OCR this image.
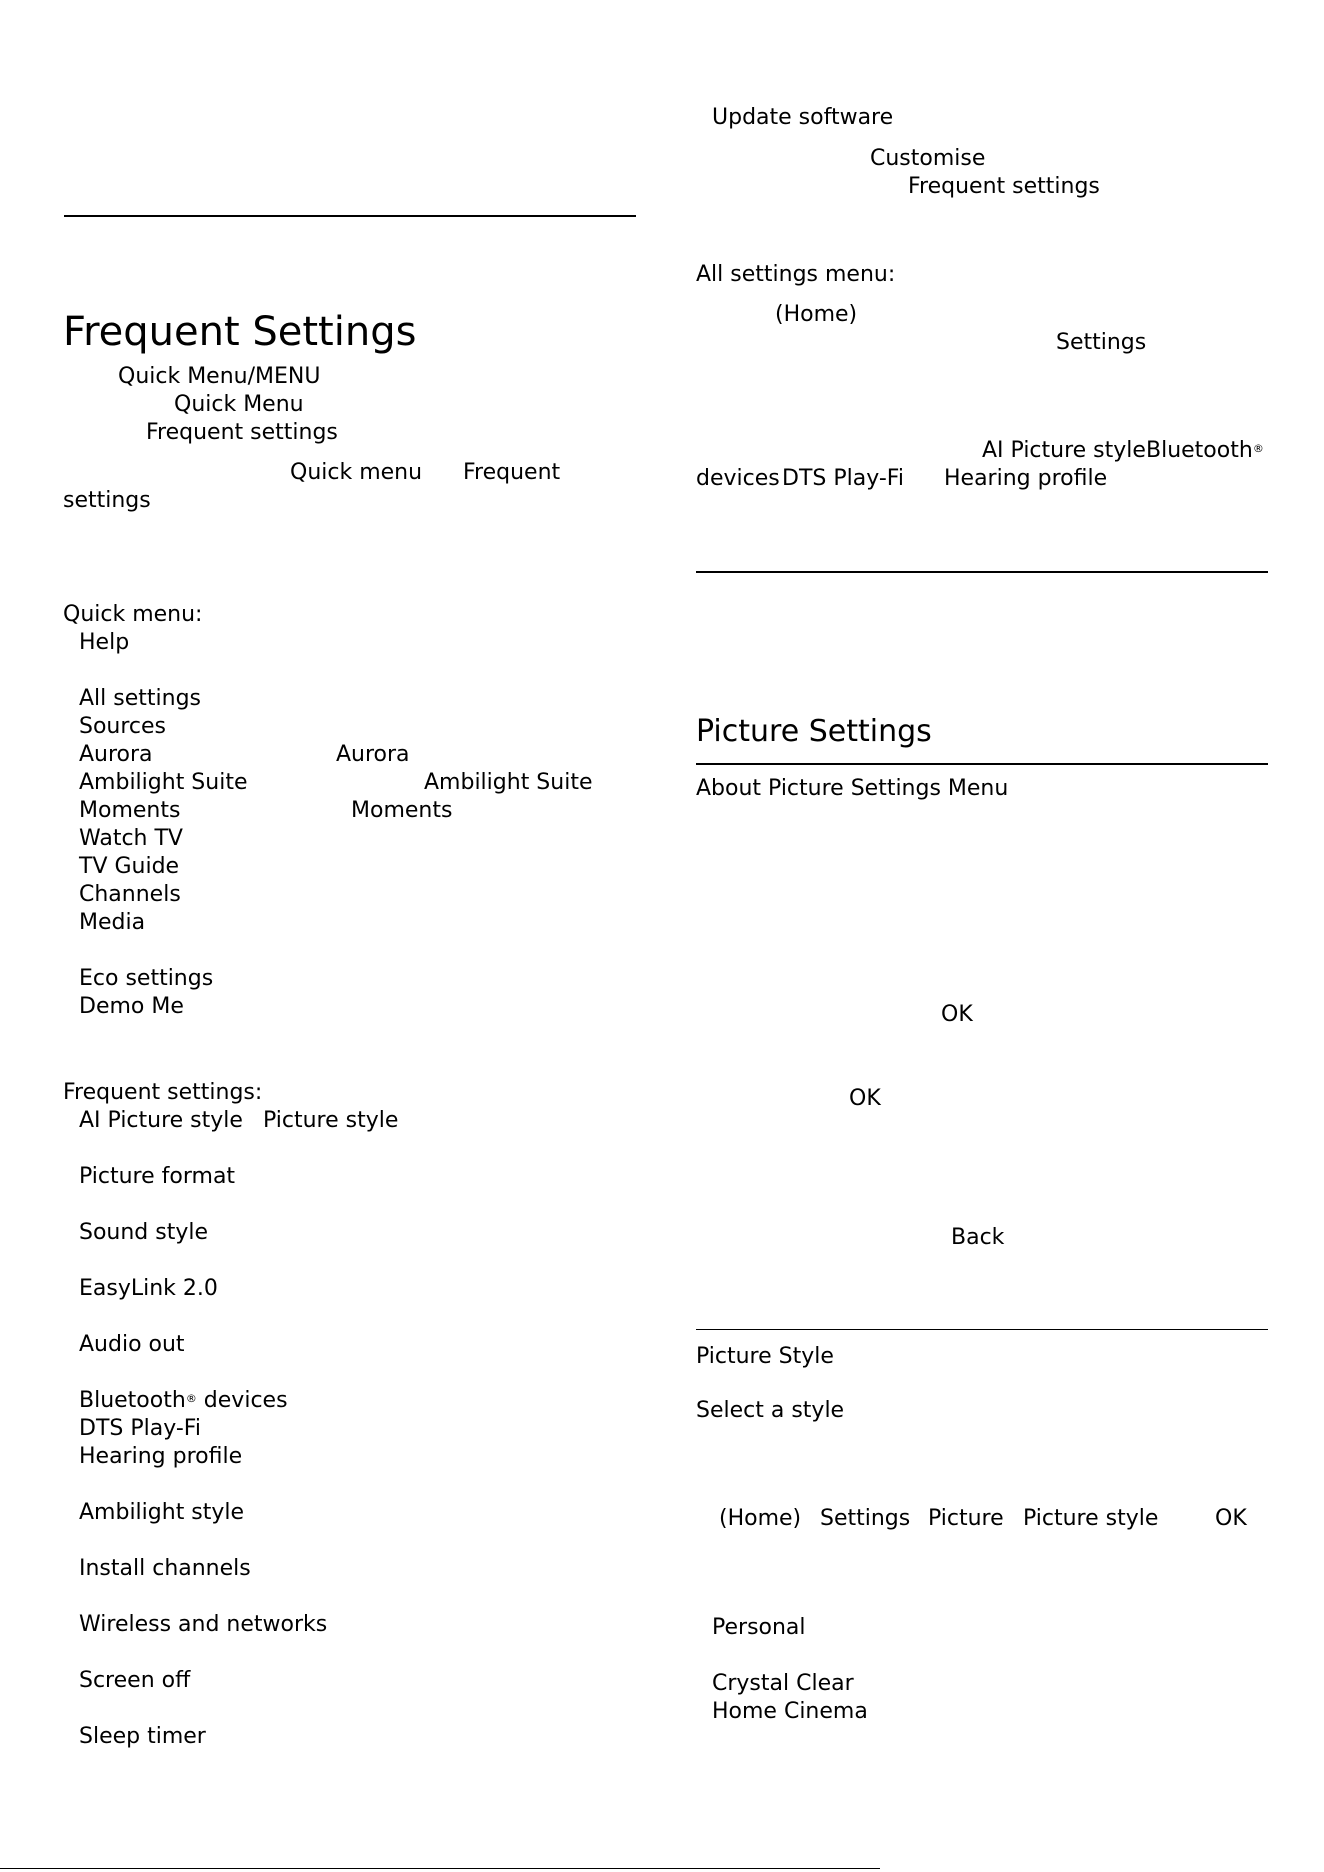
Frequent Settings
Quick Menu/MENU
Quick Menu
Frequent settings
Quick menu Frequent
settings
Quick menu:
Help
All settings
Sources
Aurora	Aurora
Ambilight Suite	Ambilight Suite
Moments	Moments
Watch TV
TV Guide
Channels
Media
Eco settings
Demo Me
Frequent settings:
AI Picture style Picture style
Picture format
Sound style
EasyLink 2.0
Audio out
Bluetooth® devices
DTS Play-Fi
Hearing profile
Ambilight style
Install channels
Wireless and networks
Screen off
Sleep timer
Update software
Customise
Frequent settings
All settings menu:
(Home)
Settings
AI Picture style Bluetooth®
devices DTS Play-Fi Hearing profile
Picture Settings
About Picture Settings Menu
OK
OK
Back
Picture Style
Select a style
(Home) Settings Picture Picture style	OK
Personal
Crystal Clear
Home Cinema
